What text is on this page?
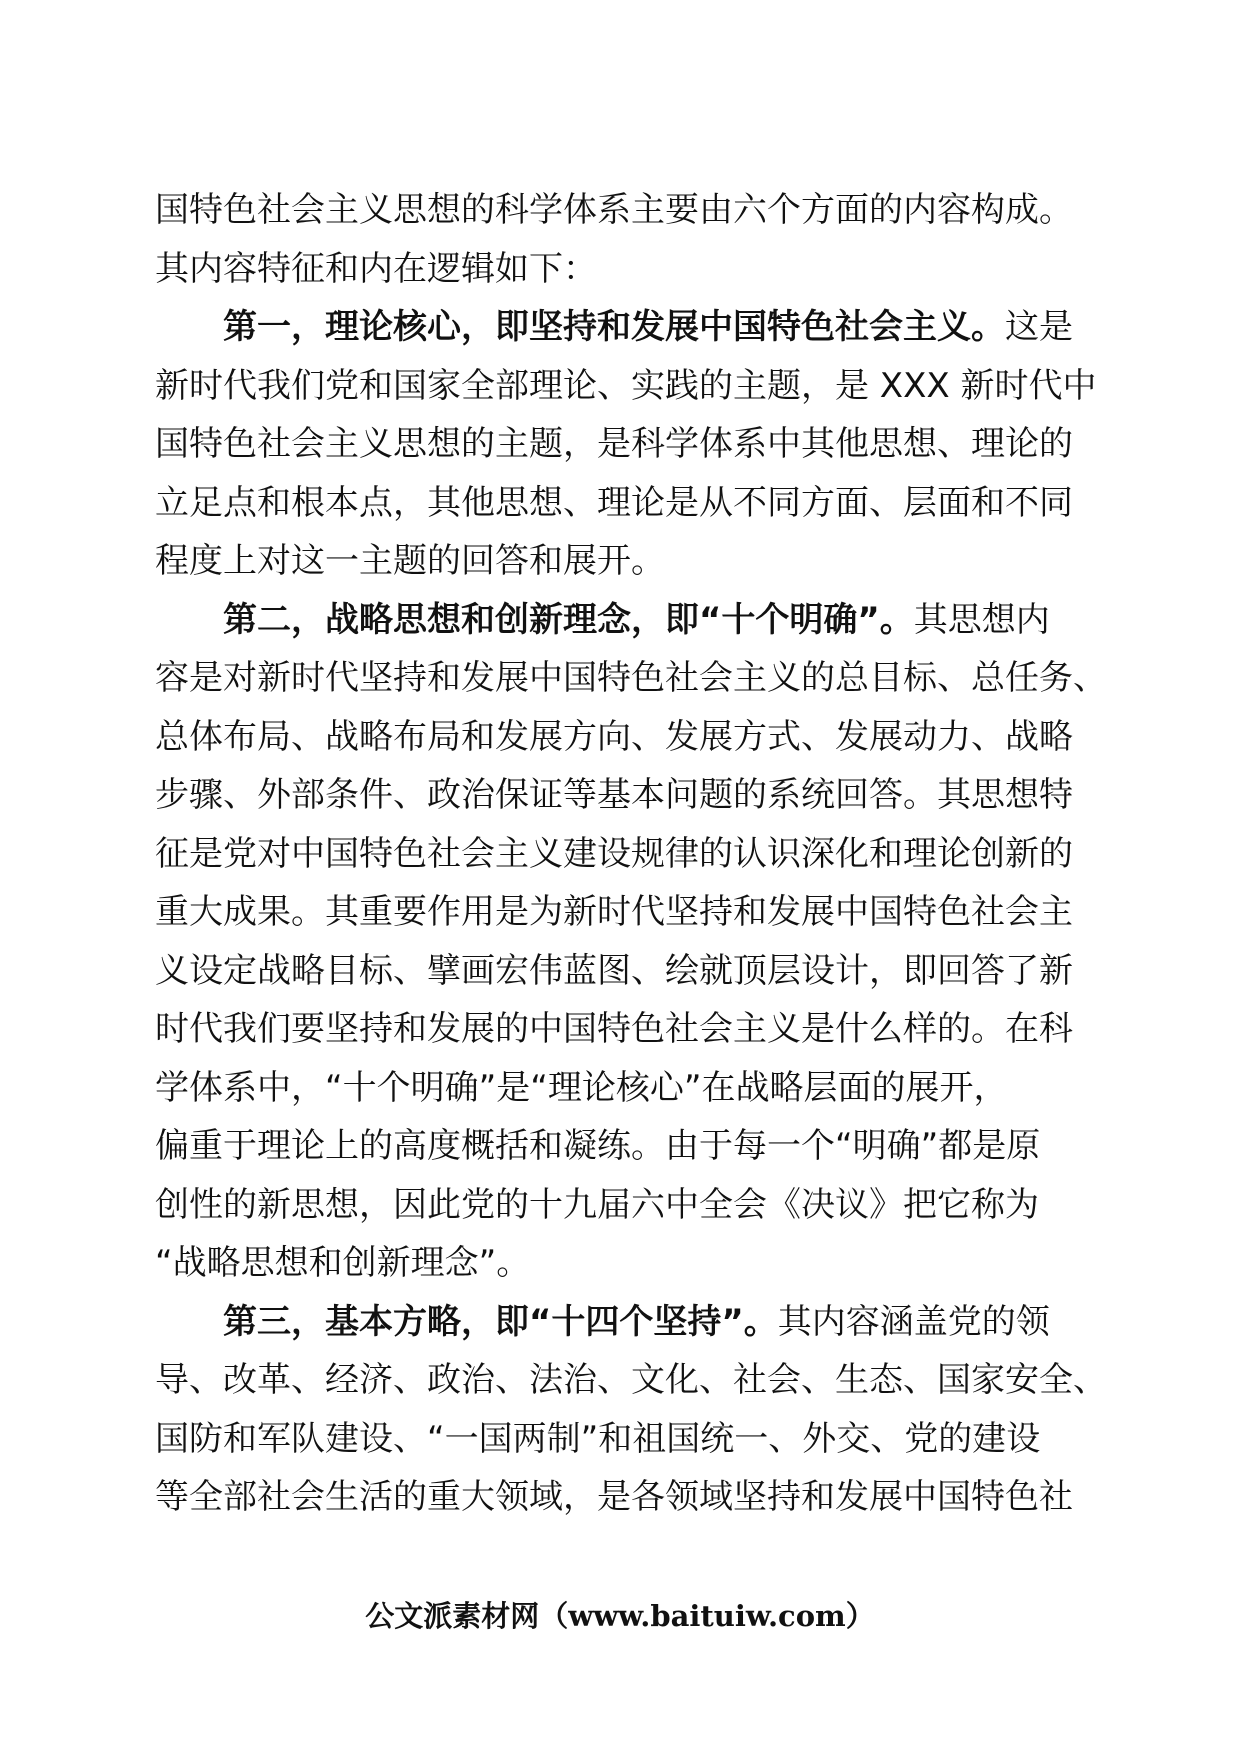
国特色社会主义思想的科学体系主要由六个方面的内容构成。
其内容特征和内在逻辑如下：
第一，理论核心，即坚持和发展中国特色社会主义。这是
新时代我们党和国家全部理论、实践的主题，是 XXX 新时代中
国特色社会主义思想的主题，是科学体系中其他思想、理论的
立足点和根本点，其他思想、理论是从不同方面、层面和不同
程度上对这一主题的回答和展开。
第二，战略思想和创新理念，即“十个明确”。其思想内
容是对新时代坚持和发展中国特色社会主义的总目标、总任务、
总体布局、战略布局和发展方向、发展方式、发展动力、战略
步骤、外部条件、政治保证等基本问题的系统回答。其思想特
征是党对中国特色社会主义建设规律的认识深化和理论创新的
重大成果。其重要作用是为新时代坚持和发展中国特色社会主
义设定战略目标、擘画宏伟蓝图、绘就顶层设计，即回答了新
时代我们要坚持和发展的中国特色社会主义是什么样的。在科
学体系中，“十个明确”是“理论核心”在战略层面的展开，
偏重于理论上的高度概括和凝练。由于每一个“明确”都是原
创性的新思想，因此党的十九届六中全会《决议》把它称为
“战略思想和创新理念”。
第三，基本方略，即“十四个坚持”。其内容涵盖党的领
导、改革、经济、政治、法治、文化、社会、生态、国家安全、
国防和军队建设、“一国两制”和祖国统一、外交、党的建设
等全部社会生活的重大领域，是各领域坚持和发展中国特色社
公文派素材网（www.baituiw.com）
